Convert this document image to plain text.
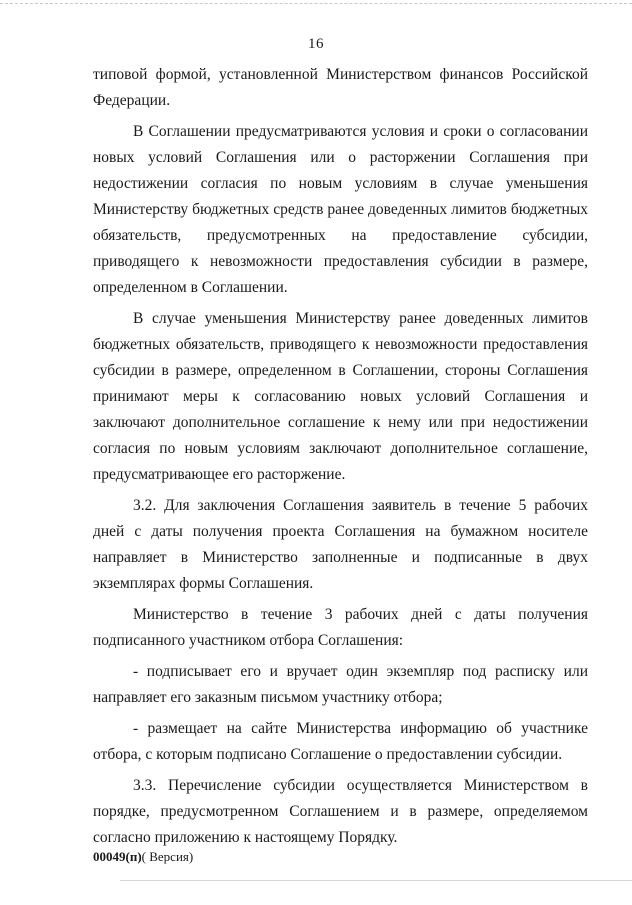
16

типовой формой, установленной Министерством финансов Российской Федерации.

В Соглашении предусматриваются условия и сроки о согласовании новых условий Соглашения или о расторжении Соглашения при недостижении согласия по новым условиям в случае уменьшения Министерству бюджетных средств ранее доведенных лимитов бюджетных обязательств, предусмотренных на предоставление субсидии, приводящего к невозможности предоставления субсидии в размере, определенном в Соглашении.

В случае уменьшения Министерству ранее доведенных лимитов бюджетных обязательств, приводящего к невозможности предоставления субсидии в размере, определенном в Соглашении, стороны Соглашения принимают меры к согласованию новых условий Соглашения и заключают дополнительное соглашение к нему или при недостижении согласия по новым условиям заключают дополнительное соглашение, предусматривающее его расторжение.

3.2. Для заключения Соглашения заявитель в течение 5 рабочих дней с даты получения проекта Соглашения на бумажном носителе направляет в Министерство заполненные и подписанные в двух экземплярах формы Соглашения.

Министерство в течение 3 рабочих дней с даты получения подписанного участником отбора Соглашения:

- подписывает его и вручает один экземпляр под расписку или направляет его заказным письмом участнику отбора;

- размещает на сайте Министерства информацию об участнике отбора, с которым подписано Соглашение о предоставлении субсидии.

3.3. Перечисление субсидии осуществляется Министерством в порядке, предусмотренном Соглашением и в размере, определяемом согласно приложению к настоящему Порядку.

00049(п)( Версия)
